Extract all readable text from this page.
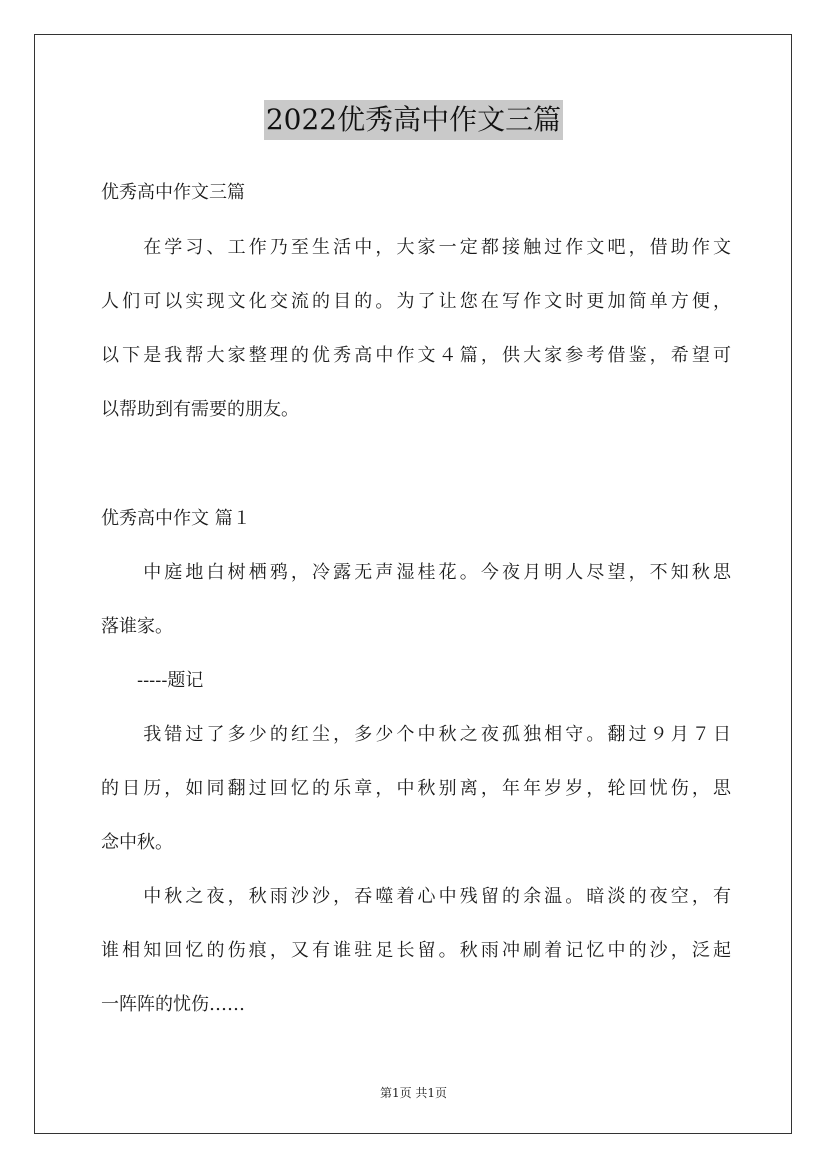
2022优秀高中作文三篇
优秀高中作文三篇
　　在学习、工作乃至生活中，大家一定都接触过作文吧，借助作文
人们可以实现文化交流的目的。为了让您在写作文时更加简单方便，
以下是我帮大家整理的优秀高中作文４篇，供大家参考借鉴，希望可
以帮助到有需要的朋友。
优秀高中作文 篇１
　　中庭地白树栖鸦，冷露无声湿桂花。今夜月明人尽望，不知秋思
落谁家。
　　-----题记
　　我错过了多少的红尘，多少个中秋之夜孤独相守。翻过９月７日
的日历，如同翻过回忆的乐章，中秋别离，年年岁岁，轮回忧伤，思
念中秋。
　　中秋之夜，秋雨沙沙，吞噬着心中残留的余温。暗淡的夜空，有
谁相知回忆的伤痕，又有谁驻足长留。秋雨冲刷着记忆中的沙，泛起
一阵阵的忧伤……
第1页 共1页
